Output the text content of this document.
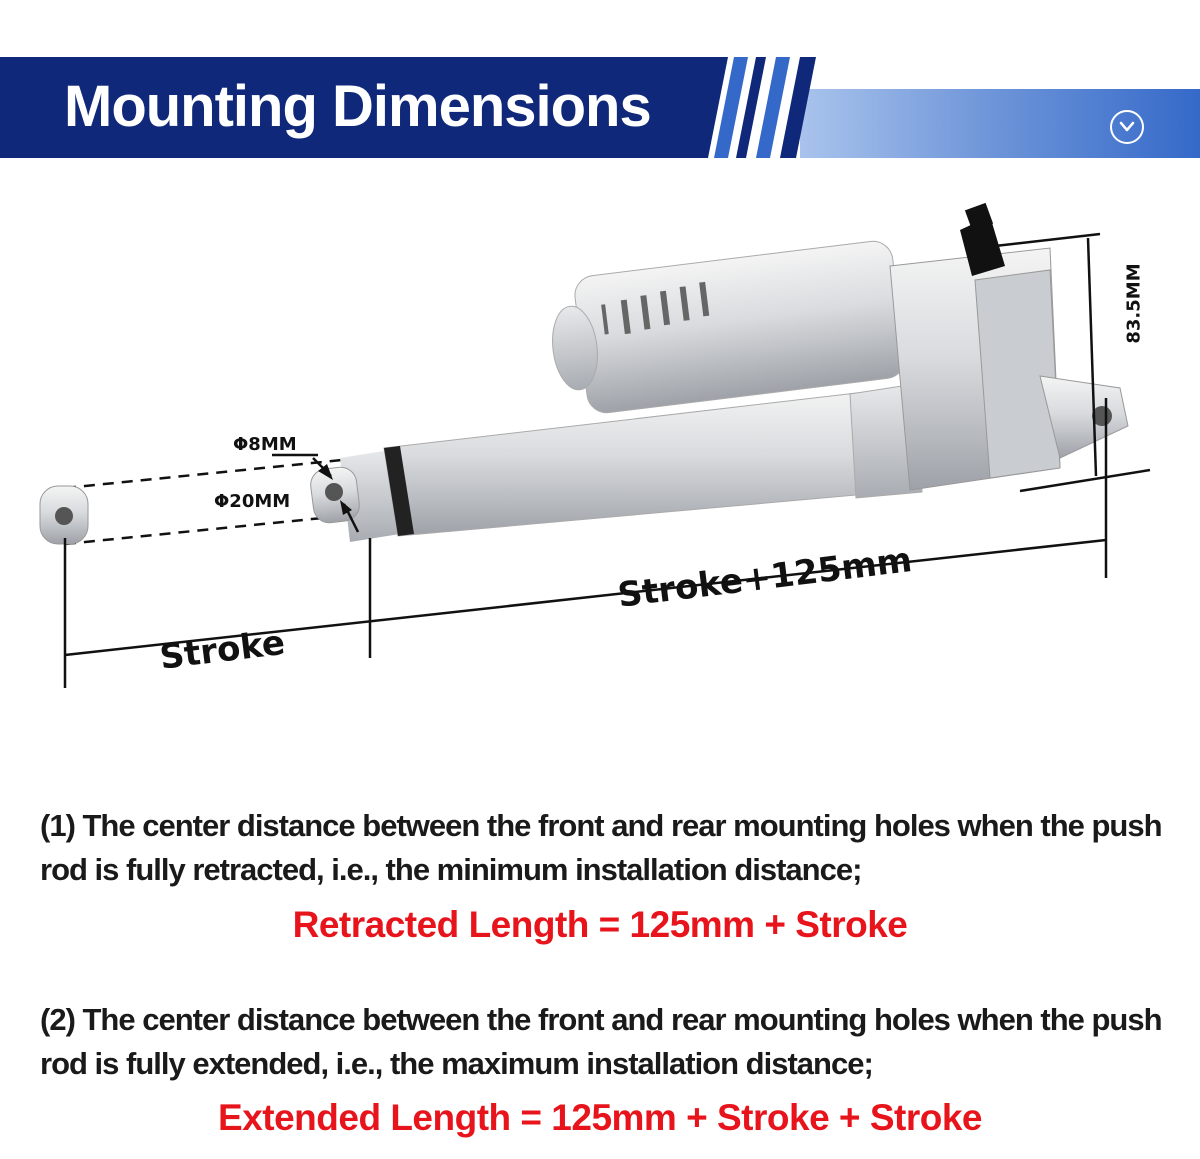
Mounting Dimensions
Stroke+125mm
Stroke
83.5MM
Φ8MM
Φ20MM

(1) The center distance between the front and rear mounting holes when the push rod is fully retracted, i.e., the minimum installation distance;

Retracted Length = 125mm + Stroke

(2) The center distance between the front and rear mounting holes when the push rod is fully extended, i.e., the maximum installation distance;

Extended Length = 125mm + Stroke + Stroke
